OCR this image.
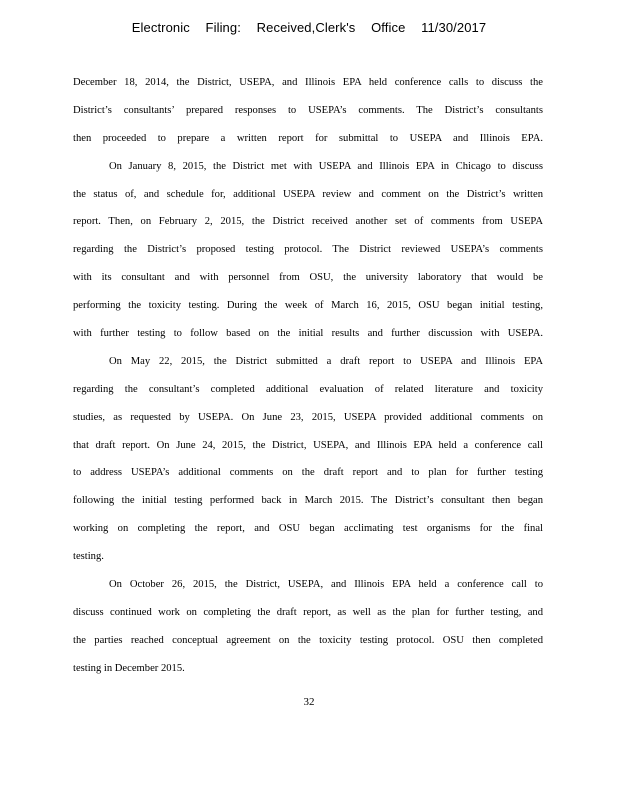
Electronic Filing: Received,Clerk's Office 11/30/2017
December 18, 2014, the District, USEPA, and Illinois EPA held conference calls to discuss the
District’s consultants’ prepared responses to USEPA’s comments. The District’s consultants
then proceeded to prepare a written report for submittal to USEPA and Illinois EPA.
On January 8, 2015, the District met with USEPA and Illinois EPA in Chicago to discuss
the status of, and schedule for, additional USEPA review and comment on the District’s written
report. Then, on February 2, 2015, the District received another set of comments from USEPA
regarding the District’s proposed testing protocol. The District reviewed USEPA’s comments
with its consultant and with personnel from OSU, the university laboratory that would be
performing the toxicity testing. During the week of March 16, 2015, OSU began initial testing,
with further testing to follow based on the initial results and further discussion with USEPA.
On May 22, 2015, the District submitted a draft report to USEPA and Illinois EPA
regarding the consultant’s completed additional evaluation of related literature and toxicity
studies, as requested by USEPA. On June 23, 2015, USEPA provided additional comments on
that draft report. On June 24, 2015, the District, USEPA, and Illinois EPA held a conference call
to address USEPA’s additional comments on the draft report and to plan for further testing
following the initial testing performed back in March 2015. The District’s consultant then began
working on completing the report, and OSU began acclimating test organisms for the final
testing.
On October 26, 2015, the District, USEPA, and Illinois EPA held a conference call to
discuss continued work on completing the draft report, as well as the plan for further testing, and
the parties reached conceptual agreement on the toxicity testing protocol. OSU then completed
testing in December 2015.
32
